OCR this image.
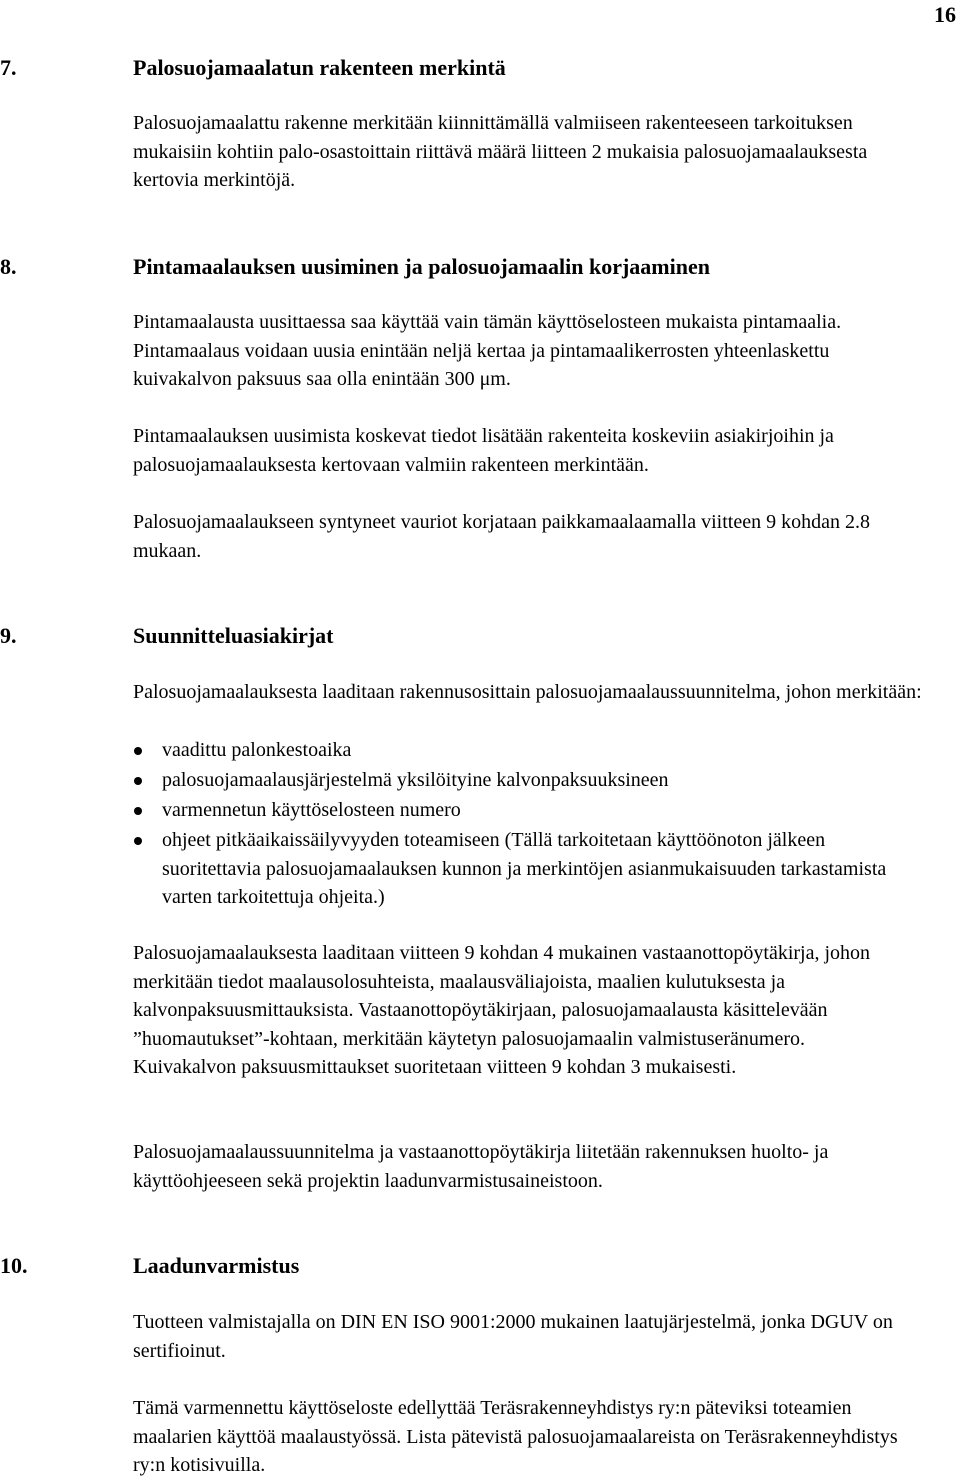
16
7.	Palosuojamaalatun rakenteen merkintä

Palosuojamaalattu rakenne merkitään kiinnittämällä valmiiseen rakenteeseen tarkoituksen mukaisiin kohtiin palo-osastoittain riittävä määrä liitteen 2 mukaisia palosuojamaalauksesta kertovia merkintöjä.

8.	Pintamaalauksen uusiminen ja palosuojamaalin korjaaminen

Pintamaalausta uusittaessa saa käyttää vain tämän käyttöselosteen mukaista pintamaalia. Pintamaalaus voidaan uusia enintään neljä kertaa ja pintamaalikerrosten yhteenlaskettu kuivakalvon paksuus saa olla enintään 300 μm.

Pintamaalauksen uusimista koskevat tiedot lisätään rakenteita koskeviin asiakirjoihin ja palosuojamaalauksesta kertovaan valmiin rakenteen merkintään.

Palosuojamaalaukseen syntyneet vauriot korjataan paikkamaalaamalla viitteen 9 kohdan 2.8 mukaan.

9.	Suunnitteluasiakirjat

Palosuojamaalauksesta laaditaan rakennusosittain palosuojamaalaussuunnitelma, johon merkitään:

vaadittu palonkestoaika
palosuojamaalausjärjestelmä yksilöityine kalvonpaksuuksineen
varmennetun käyttöselosteen numero
ohjeet pitkäaikaissäilyvyyden toteamiseen (Tällä tarkoitetaan käyttöönoton jälkeen suoritettavia palosuojamaalauksen kunnon ja merkintöjen asianmukaisuuden tarkastamista varten tarkoitettuja ohjeita.)

Palosuojamaalauksesta laaditaan viitteen 9 kohdan 4 mukainen vastaanottopöytäkirja, johon merkitään tiedot maalausolosuhteista, maalausväliajoista, maalien kulutuksesta ja kalvonpaksuusmittauksista. Vastaanottopöytäkirjaan, palosuojamaalausta käsittelevään ”huomautukset”-kohtaan, merkitään käytetyn palosuojamaalin valmistuseränumero. Kuivakalvon paksuusmittaukset suoritetaan viitteen 9 kohdan 3 mukaisesti.

Palosuojamaalaussuunnitelma ja vastaanottopöytäkirja liitetään rakennuksen huolto- ja käyttöohjeeseen sekä projektin laadunvarmistusaineistoon.

10.	Laadunvarmistus

Tuotteen valmistajalla on DIN EN ISO 9001:2000 mukainen laatujärjestelmä, jonka DGUV on sertifioinut.

Tämä varmennettu käyttöseloste edellyttää Teräsrakenneyhdistys ry:n päteviksi toteamien maalarien käyttöä maalaustyössä. Lista pätevistä palosuojamaalareista on Teräsrakenneyhdistys ry:n kotisivuilla.
